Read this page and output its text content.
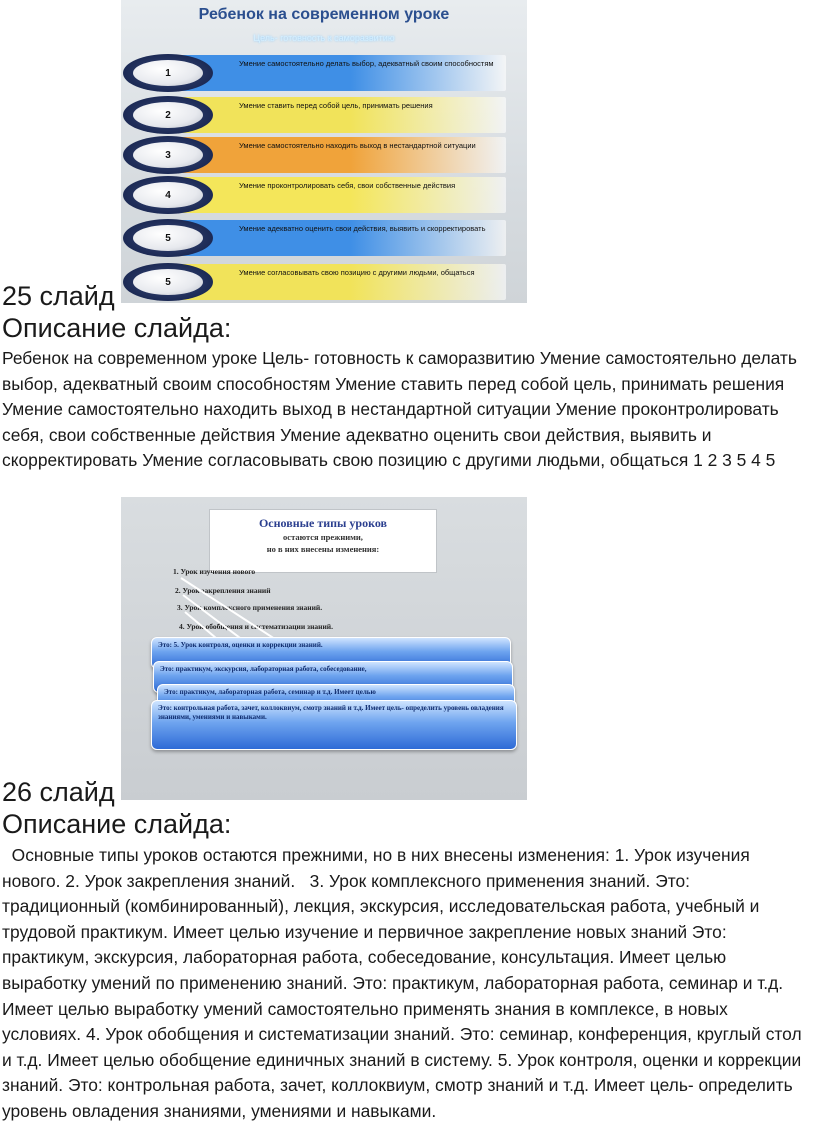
Ребенок на современном уроке
Цель- готовность к саморазвитию
1
Умение самостоятельно делать выбор, адекватный своим способностям
2
Умение ставить перед собой цель, принимать решения
3
Умение самостоятельно находить выход в нестандартной ситуации
4
Умение проконтролировать себя, свои собственные действия
5
Умение адекватно оценить свои действия, выявить и скорректировать
5
Умение согласовывать свою позицию с другими людьми, общаться
25 слайд
Описание слайда:

Ребенок на современном уроке Цель- готовность к саморазвитию Умение самостоятельно делать выбор, адекватный своим способностям Умение ставить перед собой цель, принимать решения Умение самостоятельно находить выход в нестандартной ситуации Умение проконтролировать себя, свои собственные действия Умение адекватно оценить свои действия, выявить и скорректировать Умение согласовывать свою позицию с другими людьми, общаться 1 2 3 5 4 5

Основные типы уроков
остаются прежними,
но в них внесены изменения:
1. Урок изучения нового
2. Урок закрепления знаний
3. Урок комплексного применения знаний.
4. Урок обобщения и систематизации знаний.
Это: 5. Урок контроля, оценки и коррекции знаний.
Это: практикум, экскурсия, лабораторная работа, собеседование,
Это: практикум, лабораторная работа, семинар и т.д. Имеет целью
Это: контрольная работа, зачет, коллоквиум, смотр знаний и т.д. Имеет цель- определить уровень овладения знаниями, умениями и навыками.
26 слайд
Описание слайда:

Основные типы уроков остаются прежними, но в них внесены изменения: 1. Урок изучения нового. 2. Урок закрепления знаний.   3. Урок комплексного применения знаний. Это: традиционный (комбинированный), лекция, экскурсия, исследовательская работа, учебный и трудовой практикум. Имеет целью изучение и первичное закрепление новых знаний Это: практикум, экскурсия, лабораторная работа, собеседование, консультация. Имеет целью выработку умений по применению знаний. Это: практикум, лабораторная работа, семинар и т.д. Имеет целью выработку умений самостоятельно применять знания в комплексе, в новых условиях. 4. Урок обобщения и систематизации знаний. Это: семинар, конференция, круглый стол и т.д. Имеет целью обобщение единичных знаний в систему. 5. Урок контроля, оценки и коррекции знаний. Это: контрольная работа, зачет, коллоквиум, смотр знаний и т.д. Имеет цель- определить уровень овладения знаниями, умениями и навыками.
